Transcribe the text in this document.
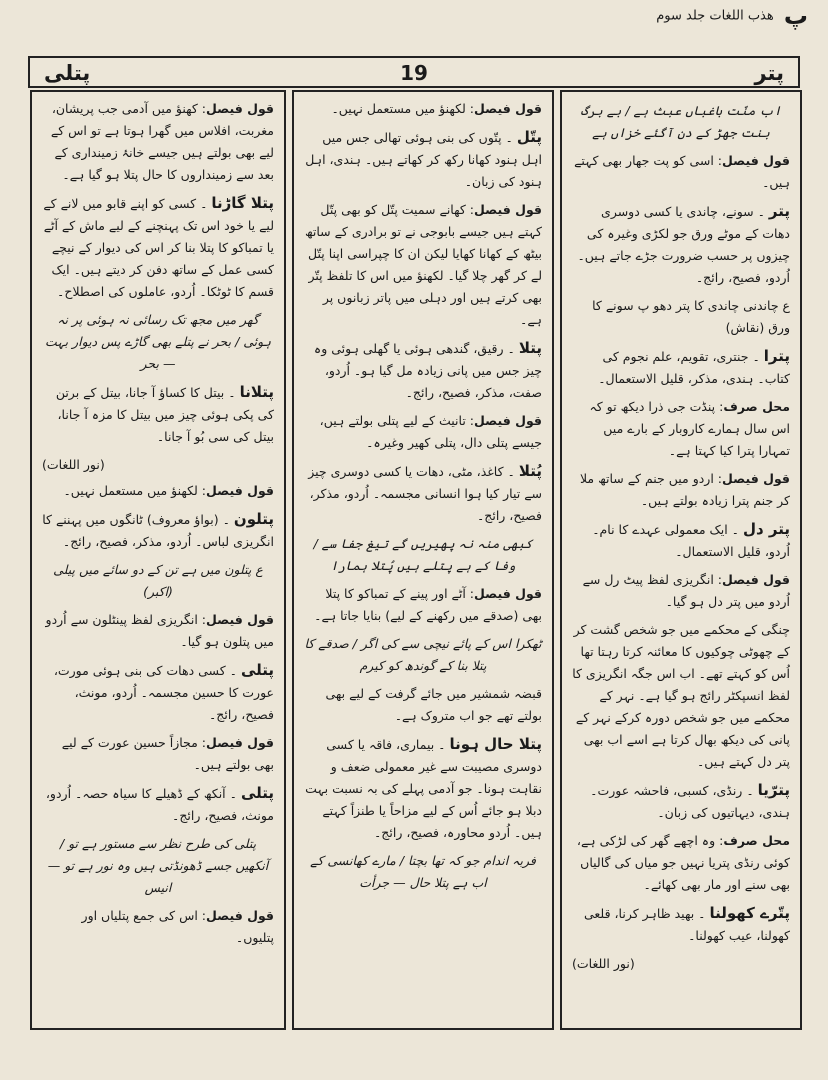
پ هذب اللغات جلد سوم
پتر
19
پتلی
اب منّت باغباں عبث ہے / بے برگ بنت جھڑ کے دن آگئے خزاں ہے
قول فیصل: اسی کو پت جھار بھی کہتے ہیں۔
پتر ۔ سونے، چاندی یا کسی دوسری دھات کے موٹے ورق جو لکڑی وغیرہ کی چیزوں پر حسب ضرورت جڑے جاتے ہیں۔ اُردو، فصیح، رائج۔
ع چاندنی چاندی کا پتر دھو پ سونے کا ورق (نقاش)
پترا ۔ جنتری، تقویم، علم نجوم کی کتاب۔ ہندی، مذکر، قلیل الاستعمال۔
محل صرف: پنڈت جی ذرا دیکھ تو کہ اس سال ہمارے کاروبار کے بارے میں تمہارا پترا کیا کہتا ہے۔
قول فیصل: اردو میں جنم کے ساتھ ملا کر جنم پترا زیادہ بولتے ہیں۔
پتر دل ۔ ایک معمولی عہدے کا نام۔ اُردو، قلیل الاستعمال۔
قول فیصل: انگریزی لفظ پیٹ رل سے اُردو میں پتر دل ہو گیا۔
چنگی کے محکمے میں جو شخص گشت کر کے چھوٹی چوکیوں کا معائنہ کرتا رہتا تھا اُس کو کہتے تھے۔ اب اس جگہ انگریزی کا لفظ انسپکٹر رائج ہو گیا ہے۔ نہر کے محکمے میں جو شخص دورہ کرکے نہر کے پانی کی دیکھ بھال کرتا ہے اسے اب بھی پتر دل کہتے ہیں۔
پترّیا ۔ رنڈی، کسبی، فاحشہ عورت۔ ہندی، دیہاتیوں کی زبان۔
محل صرف: وہ اچھے گھر کی لڑکی ہے، کوئی رنڈی پتریا نہیں جو میاں کی گالیاں بھی سنے اور مار بھی کھائے۔
پتّرے کھولنا ۔ بھید ظاہر کرنا، قلعی کھولنا، عیب کھولنا۔
(نور اللغات)
قول فیصل: لکھنؤ میں مستعمل نہیں۔
پتّل ۔ پتّوں کی بنی ہوئی تھالی جس میں اہل ہنود کھانا رکھ کر کھاتے ہیں۔ ہندی، اہل ہنود کی زبان۔
قول فیصل: کھانے سمیت پتّل کو بھی پتّل کہتے ہیں جیسے بابوجی نے تو برادری کے ساتھ بیٹھ کے کھانا کھایا لیکن ان کا چپراسی اپنا پتّل لے کر گھر چلا گیا۔ لکھنؤ میں اس کا تلفظ پتّر بھی کرتے ہیں اور دہلی میں پاتر زبانوں پر ہے۔
پتلا ۔ رقیق، گندھی ہوئی یا گھلی ہوئی وہ چیز جس میں پانی زیادہ مل گیا ہو۔ اُردو، صفت، مذکر، فصیح، رائج۔
قول فیصل: تانیث کے لیے پتلی بولتے ہیں، جیسے پتلی دال، پتلی کھیر وغیرہ۔
پُتلا ۔ کاغذ، مٹی، دھات یا کسی دوسری چیز سے تیار کیا ہوا انسانی مجسمہ۔ اُردو، مذکر، فصیح، رائج۔
کبھی منہ نہ پھیریں گے تیغ جفا سے / وفا کے ہے پتلے ہیں پُتلا ہمارا
قول فیصل: آٹے اور پینے کے تمباکو کا پتلا بھی (صدقے میں رکھنے کے لیے) بنایا جاتا ہے۔
ٹھکرا اس کے پائے نیچی سے کی اگر / صدقے کا پتلا بنا کے گوندھ کو کیرم
قبضہ شمشیر میں جائے گرفت کے لیے بھی بولتے تھے جو اب متروک ہے۔
پتلا حال ہونا ۔ بیماری، فاقہ یا کسی دوسری مصیبت سے غیر معمولی ضعف و نقاہت ہونا۔ جو آدمی پہلے کی بہ نسبت بہت دبلا ہو جائے اُس کے لیے مزاحاً یا طنزاً کہتے ہیں۔ اُردو محاورہ، فصیح، رائج۔
فربہ اندام جو کہ تھا بچتا / مارے کھانسی کے اب ہے پتلا حال — جرأت
قول فیصل: کھنؤ میں آدمی جب پریشان، مغربت، افلاس میں گھرا ہوتا ہے تو اس کے لیے بھی بولتے ہیں جیسے خانۂ زمینداری کے بعد سے زمینداروں کا حال پتلا ہو گیا ہے۔
پتلا گاڑنا ۔ کسی کو اپنے قابو میں لانے کے لیے یا خود اس تک پہنچنے کے لیے ماش کے آٹے یا تمباکو کا پتلا بنا کر اس کی دیوار کے نیچے کسی عمل کے ساتھ دفن کر دیتے ہیں۔ ایک قسم کا ٹوٹکا۔ اُردو، عاملوں کی اصطلاح۔
گھر میں مجھ تک رسائی نہ ہوئی پر نہ ہوئی / بحر نے پتلے بھی گاڑے پس دیوار بہت — بحر
پتلانا ۔ بیتل کا کساؤ آ جانا، بیتل کے برتن کی پکی ہوئی چیز میں بیتل کا مزہ آ جانا، بیتل کی سی بُو آ جانا۔
(نور اللغات)
قول فیصل: لکھنؤ میں مستعمل نہیں۔
پتلون ۔ (بواؤ معروف) ٹانگوں میں پہننے کا انگریزی لباس۔ اُردو، مذکر، فصیح، رائج۔
ع پتلون میں ہے تن کے دو سائے میں پیلی (اکبر)
قول فیصل: انگریزی لفظ پینٹلون سے اُردو میں پتلون ہو گیا۔
پتلی ۔ کسی دھات کی بنی ہوئی مورت، عورت کا حسین مجسمہ۔ اُردو، مونث، فصیح، رائج۔
قول فیصل: مجازاً حسین عورت کے لیے بھی بولتے ہیں۔
پتلی ۔ آنکھ کے ڈھیلے کا سیاہ حصہ۔ اُردو، مونث، فصیح، رائج۔
پتلی کی طرح نظر سے مستور ہے تو / آنکھیں جسے ڈھونڈتی ہیں وہ نور ہے تو — انیس
قول فیصل: اس کی جمع پتلیاں اور پتلیوں۔
